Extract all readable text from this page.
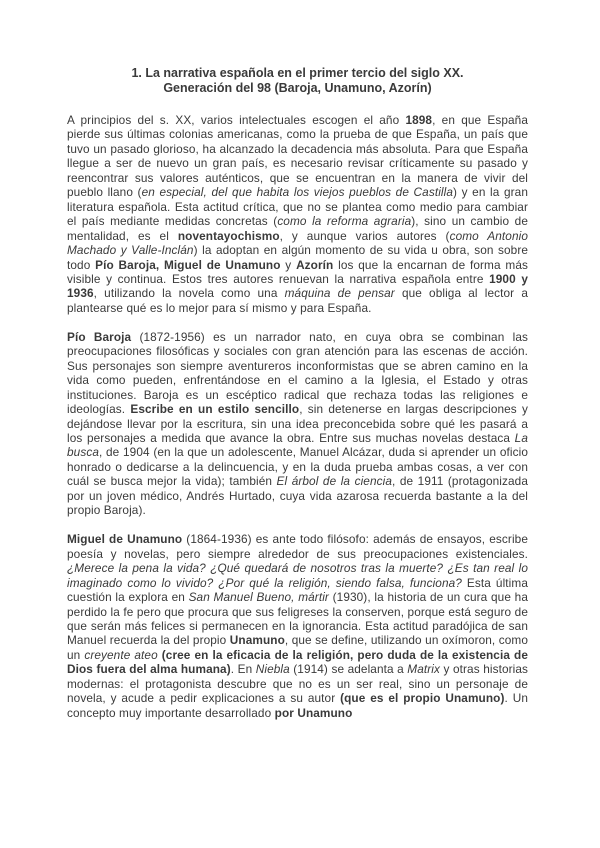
1. La narrativa española en el primer tercio del siglo XX.
Generación del 98 (Baroja, Unamuno, Azorín)

A principios del s. XX, varios intelectuales escogen el año 1898, en que España pierde sus últimas colonias americanas, como la prueba de que España, un país que tuvo un pasado glorioso, ha alcanzado la decadencia más absoluta. Para que España llegue a ser de nuevo un gran país, es necesario revisar críticamente su pasado y reencontrar sus valores auténticos, que se encuentran en la manera de vivir del pueblo llano (en especial, del que habita los viejos pueblos de Castilla) y en la gran literatura española. Esta actitud crítica, que no se plantea como medio para cambiar el país mediante medidas concretas (como la reforma agraria), sino un cambio de mentalidad, es el noventayochismo, y aunque varios autores (como Antonio Machado y Valle-Inclán) la adoptan en algún momento de su vida u obra, son sobre todo Pío Baroja, Miguel de Unamuno y Azorín los que la encarnan de forma más visible y continua. Estos tres autores renuevan la narrativa española entre 1900 y 1936, utilizando la novela como una máquina de pensar que obliga al lector a plantearse qué es lo mejor para sí mismo y para España.

Pío Baroja (1872-1956) es un narrador nato, en cuya obra se combinan las preocupaciones filosóficas y sociales con gran atención para las escenas de acción. Sus personajes son siempre aventureros inconformistas que se abren camino en la vida como pueden, enfrentándose en el camino a la Iglesia, el Estado y otras instituciones. Baroja es un escéptico radical que rechaza todas las religiones e ideologías. Escribe en un estilo sencillo, sin detenerse en largas descripciones y dejándose llevar por la escritura, sin una idea preconcebida sobre qué les pasará a los personajes a medida que avance la obra. Entre sus muchas novelas destaca La busca, de 1904 (en la que un adolescente, Manuel Alcázar, duda si aprender un oficio honrado o dedicarse a la delincuencia, y en la duda prueba ambas cosas, a ver con cuál se busca mejor la vida); también El árbol de la ciencia, de 1911 (protagonizada por un joven médico, Andrés Hurtado, cuya vida azarosa recuerda bastante a la del propio Baroja).

Miguel de Unamuno (1864-1936) es ante todo filósofo: además de ensayos, escribe poesía y novelas, pero siempre alrededor de sus preocupaciones existenciales. ¿Merece la pena la vida? ¿Qué quedará de nosotros tras la muerte? ¿Es tan real lo imaginado como lo vivido? ¿Por qué la religión, siendo falsa, funciona? Esta última cuestión la explora en San Manuel Bueno, mártir (1930), la historia de un cura que ha perdido la fe pero que procura que sus feligreses la conserven, porque está seguro de que serán más felices si permanecen en la ignorancia. Esta actitud paradójica de san Manuel recuerda la del propio Unamuno, que se define, utilizando un oxímoron, como un creyente ateo (cree en la eficacia de la religión, pero duda de la existencia de Dios fuera del alma humana). En Niebla (1914) se adelanta a Matrix y otras historias modernas: el protagonista descubre que no es un ser real, sino un personaje de novela, y acude a pedir explicaciones a su autor (que es el propio Unamuno). Un concepto muy importante desarrollado por Unamuno
